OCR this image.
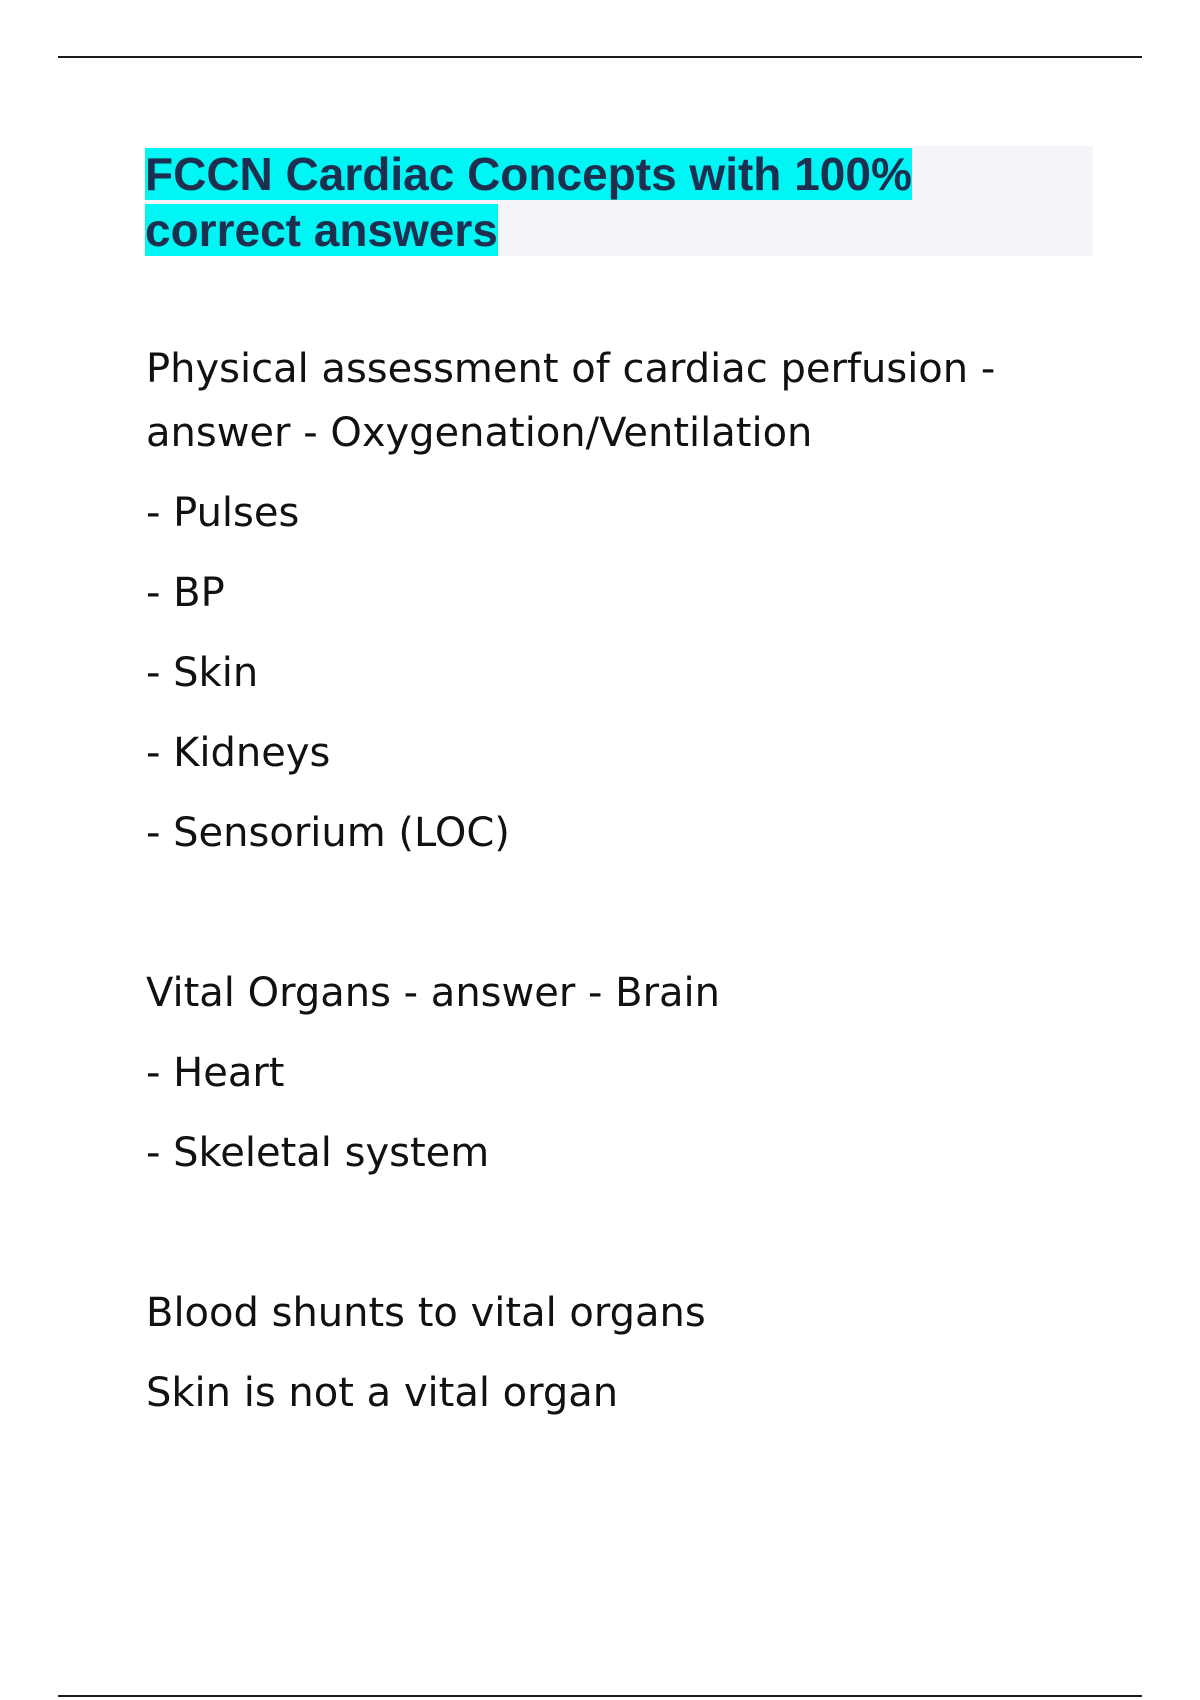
FCCN Cardiac Concepts with 100%
correct answers

Physical assessment of cardiac perfusion -

answer - Oxygenation/Ventilation

- Pulses

- BP

- Skin

- Kidneys

- Sensorium (LOC)

Vital Organs - answer - Brain

- Heart

- Skeletal system

Blood shunts to vital organs

Skin is not a vital organ
